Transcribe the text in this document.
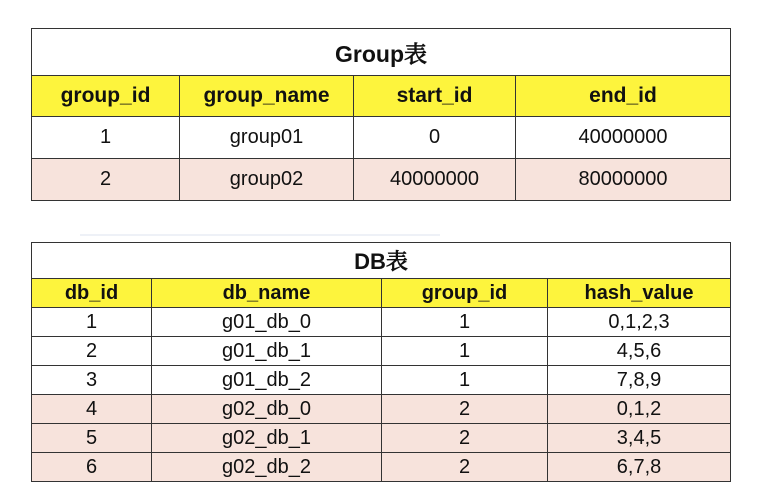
Group表			
group_id	group_name	start_id	end_id
1	group01	0	40000000
2	group02	40000000	80000000
DB表			
db_id	db_name	group_id	hash_value
1	g01_db_0	1	0,1,2,3
2	g01_db_1	1	4,5,6
3	g01_db_2	1	7,8,9
4	g02_db_0	2	0,1,2
5	g02_db_1	2	3,4,5
6	g02_db_2	2	6,7,8
